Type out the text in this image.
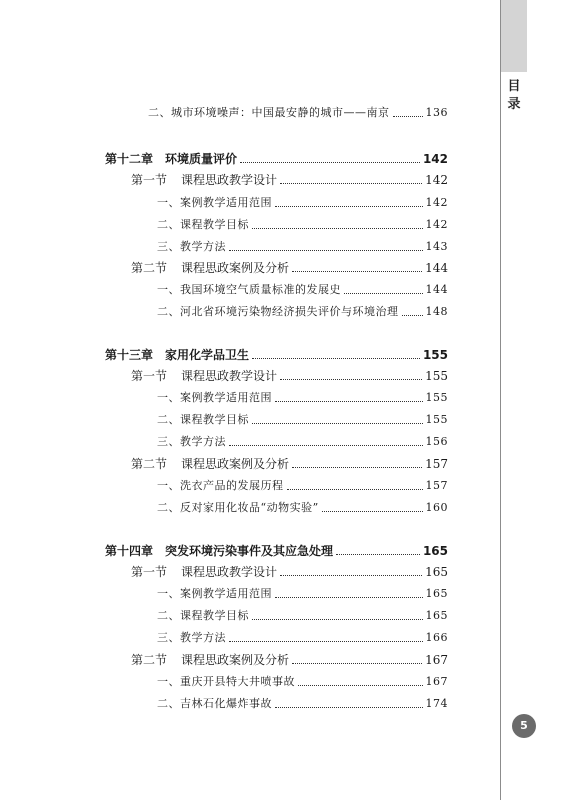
目
录
5
二、城市环境噪声：中国最安静的城市——南京	136
第十二章 环境质量评价	142
第一节 课程思政教学设计	142
一、案例教学适用范围	142
二、课程教学目标	142
三、教学方法	143
第二节 课程思政案例及分析	144
一、我国环境空气质量标准的发展史	144
二、河北省环境污染物经济损失评价与环境治理 148
第十三章 家用化学品卫生	155
第一节 课程思政教学设计	155
一、案例教学适用范围	155
二、课程教学目标	155
三、教学方法	156
第二节 课程思政案例及分析	157
一、洗衣产品的发展历程	157
二、反对家用化妆品“动物实验”	160
第十四章 突发环境污染事件及其应急处理	165
第一节 课程思政教学设计	165
一、案例教学适用范围	165
二、课程教学目标	165
三、教学方法	166
第二节 课程思政案例及分析	167
一、重庆开县特大井喷事故	167
二、吉林石化爆炸事故	174
